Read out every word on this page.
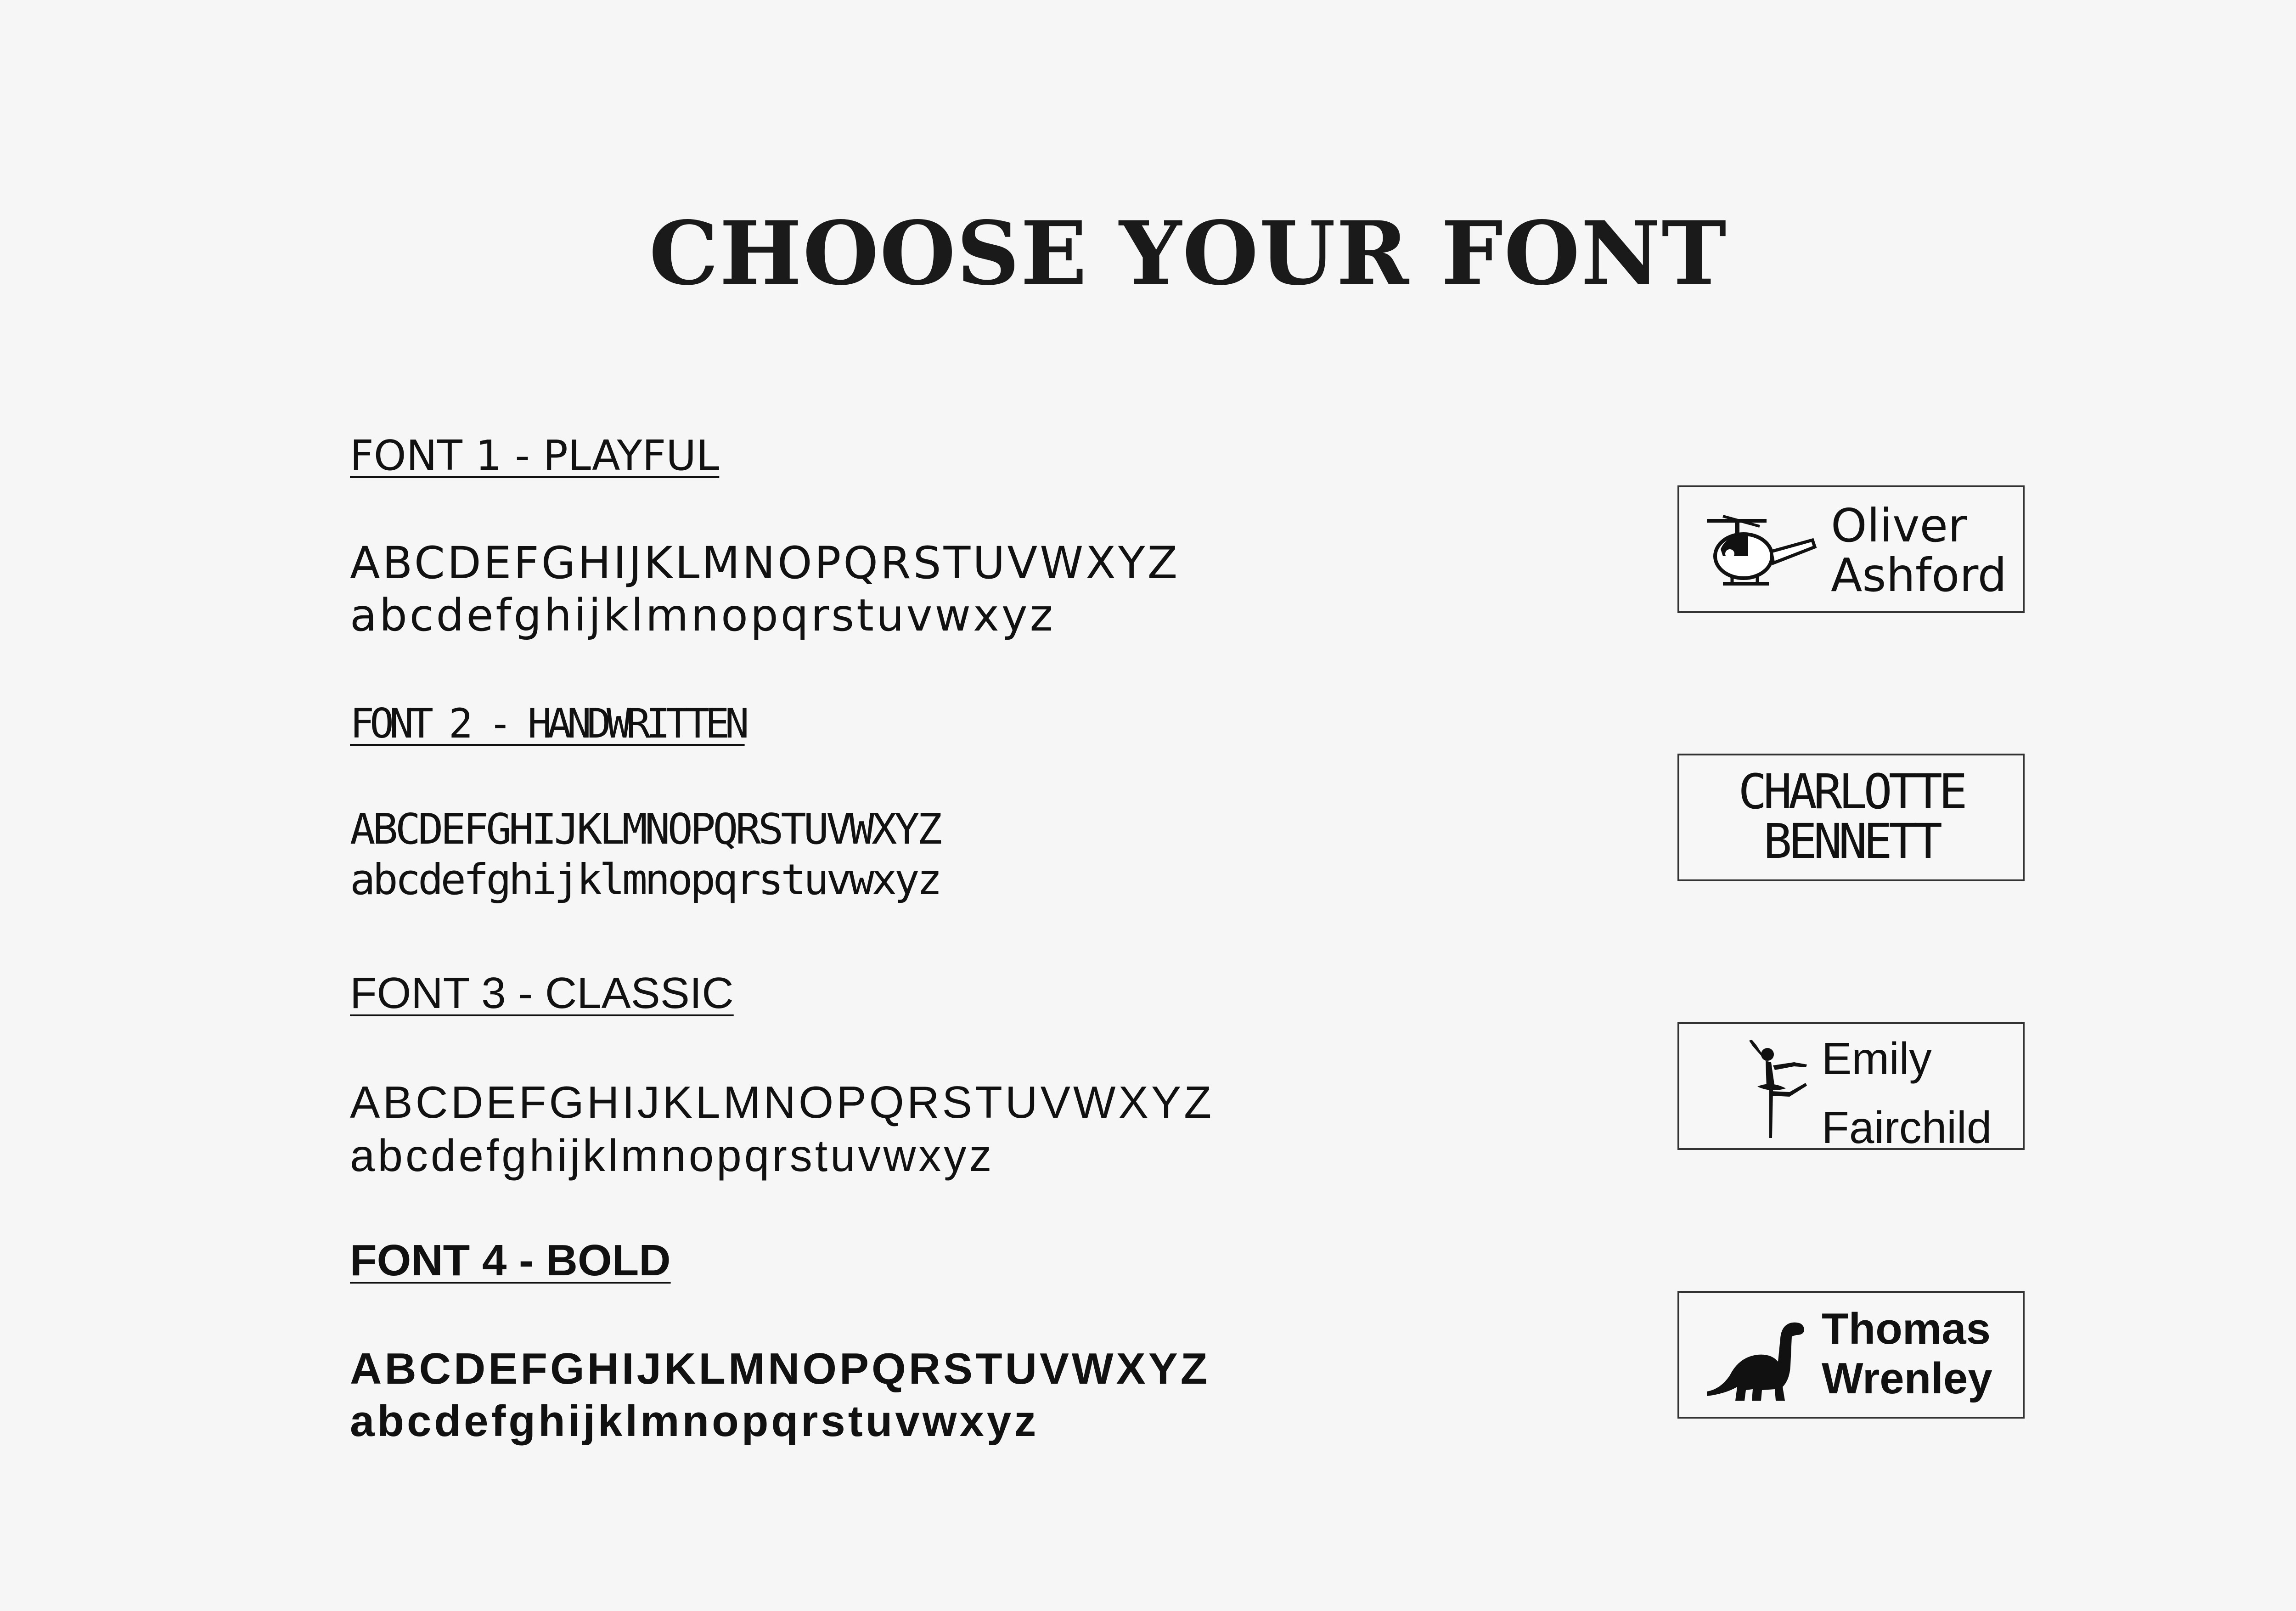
CHOOSE YOUR FONT
FONT 1 - PLAYFUL
ABCDEFGHIJKLMNOPQRSTUVWXYZ
abcdefghijklmnopqrstuvwxyz
Oliver
Ashford
FONT 2 - HANDWRITTEN
ABCDEFGHIJKLMNOPQRSTUVWXYZ
abcdefghijklmnopqrstuvwxyz
CHARLOTTE
BENNETT
FONT 3 - CLASSIC
ABCDEFGHIJKLMNOPQRSTUVWXYZ
abcdefghijklmnopqrstuvwxyz
Emily
Fairchild
FONT 4 - BOLD
ABCDEFGHIJKLMNOPQRSTUVWXYZ
abcdefghijklmnopqrstuvwxyz
Thomas
Wrenley
